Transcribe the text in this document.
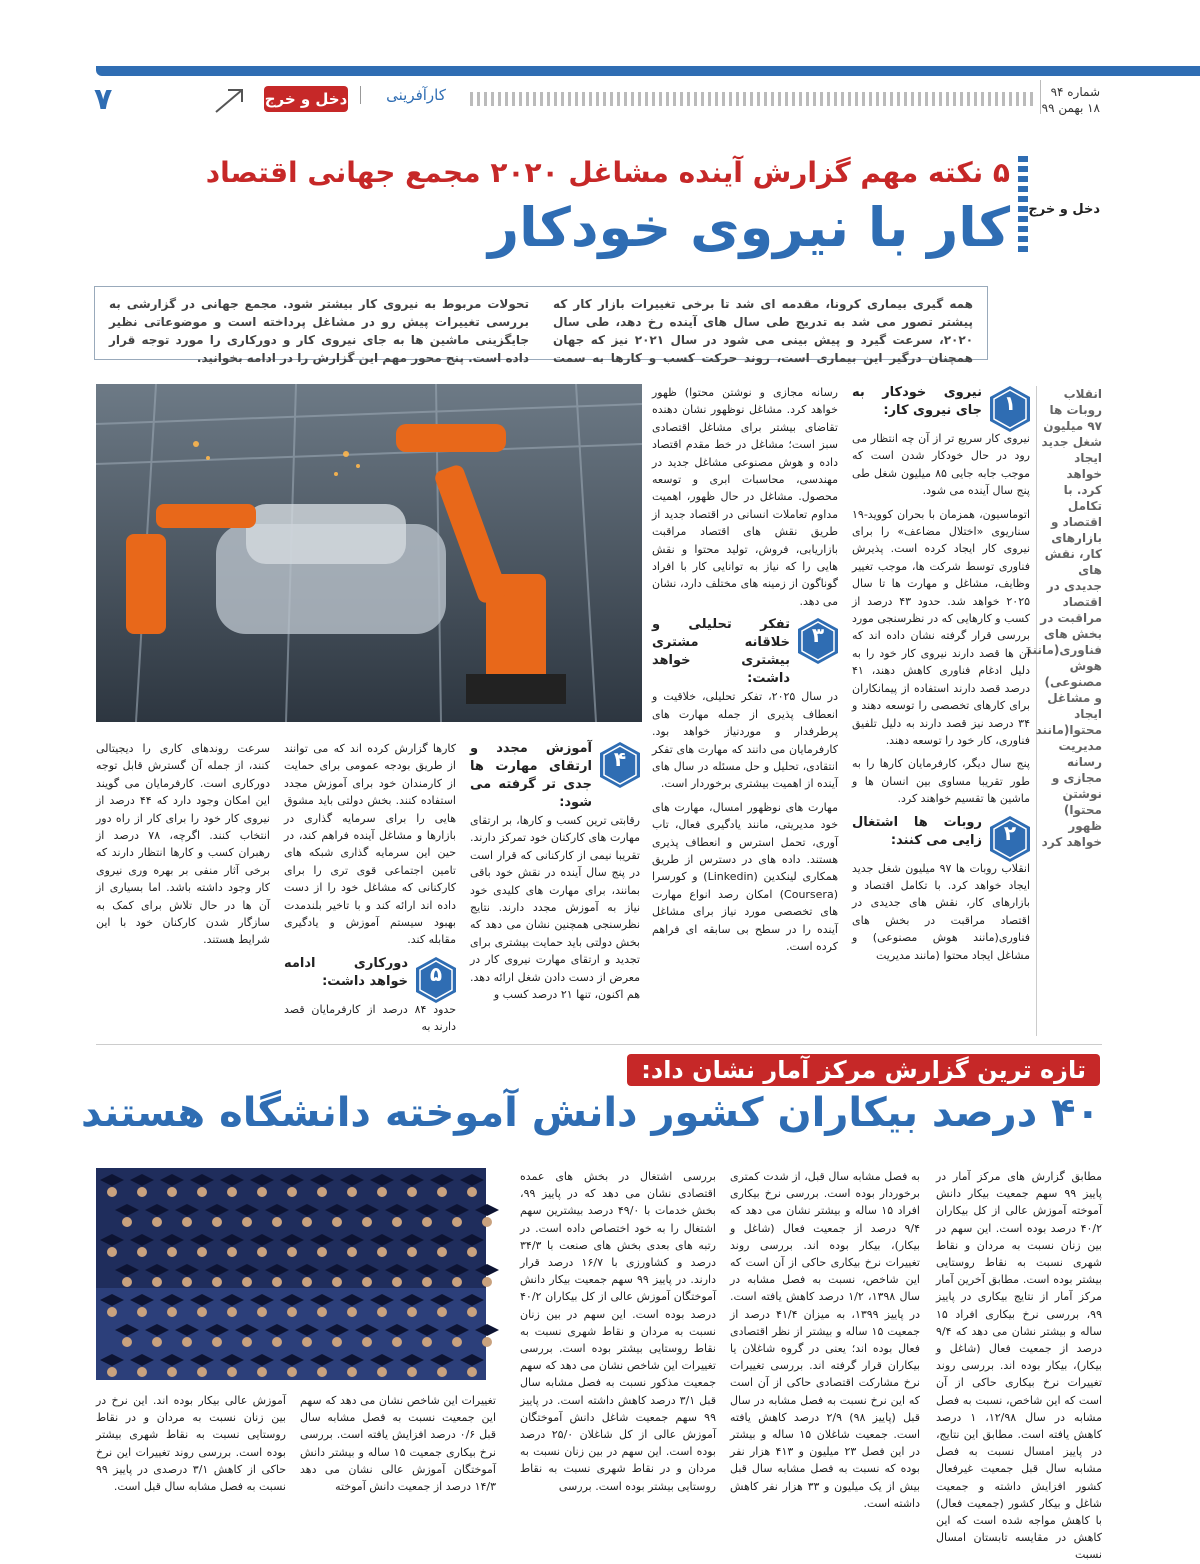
شماره ۹۴
۱۸ بهمن ۹۹
کارآفرینی
دخل و خرج
۷
دخل و خرج
۵ نکته مهم گزارش آینده مشاغل ۲۰۲۰ مجمع جهانی اقتصاد
کار با نیروی خودکار
همه گیری بیماری کرونا، مقدمه ای شد تا برخی تغییرات بازار کار که پیشتر تصور می شد به تدریج طی سال های آینده رخ دهد، طی سال ۲۰۲۰، سرعت گیرد و پیش بینی می شود در سال ۲۰۲۱ نیز که جهان همچنان درگیر این بیماری است، روند حرکت کسب و کارها به سمت تحولات مربوط به نیروی کار بیشتر شود. مجمع جهانی در گزارشی به بررسی تغییرات پیش رو در مشاغل پرداخته است و موضوعاتی نظیر جایگزینی ماشین ها به جای نیروی کار و دورکاری را مورد توجه قرار داده است. پنج محور مهم این گزارش را در ادامه بخوانید.
انقلاب روبات ها ۹۷ میلیون شغل جدید ایجاد خواهد کرد. با تکامل اقتصاد و بازارهای کار، نقش های جدیدی در اقتصاد مراقبت در بخش های فناوری(مانند هوش مصنوعی) و مشاغل ایجاد محتوا(مانند مدیریت رسانه مجازی و نوشتن محتوا) ظهور خواهد کرد
۱
نیروی خودکار به جای نیروی کار:

نیروی کار سریع تر از آن چه انتظار می رود در حال خودکار شدن است که موجب جابه جایی ۸۵ میلیون شغل طی پنج سال آینده می شود.

اتوماسیون، همزمان با بحران کووید-۱۹ سناریوی «اختلال مضاعف» را برای نیروی کار ایجاد کرده است. پذیرش فناوری توسط شرکت ها، موجب تغییر وظایف، مشاغل و مهارت ها تا سال ۲۰۲۵ خواهد شد. حدود ۴۳ درصد از کسب و کارهایی که در نظرسنجی مورد بررسی قرار گرفته نشان داده اند که آن ها قصد دارند نیروی کار خود را به دلیل ادغام فناوری کاهش دهند، ۴۱ درصد قصد دارند استفاده از پیمانکاران برای کارهای تخصصی را توسعه دهند و ۳۴ درصد نیز قصد دارند به دلیل تلفیق فناوری، کار خود را توسعه دهند.

پنج سال دیگر، کارفرمایان کارها را به طور تقریبا مساوی بین انسان ها و ماشین ها تقسیم خواهند کرد.

۲
روبات ها اشتغال زایی می کنند:

انقلاب روبات ها ۹۷ میلیون شغل جدید ایجاد خواهد کرد. با تکامل اقتصاد و بازارهای کار، نقش های جدیدی در اقتصاد مراقبت در بخش های فناوری(مانند هوش مصنوعی) و مشاغل ایجاد محتوا (مانند مدیریت

رسانه مجازی و نوشتن محتوا) ظهور خواهد کرد. مشاغل نوظهور نشان دهنده تقاضای بیشتر برای مشاغل اقتصادی سبز است؛ مشاغل در خط مقدم اقتصاد داده و هوش مصنوعی مشاغل جدید در مهندسی، محاسبات ابری و توسعه محصول. مشاغل در حال ظهور، اهمیت مداوم تعاملات انسانی در اقتصاد جدید از طریق نقش های اقتصاد مراقبت بازاریابی، فروش، تولید محتوا و نقش هایی را که نیاز به توانایی کار با افراد گوناگون از زمینه های مختلف دارد، نشان می دهد.

۳
تفکر تحلیلی و خلاقانه مشتری بیشتری خواهد داشت:

در سال ۲۰۲۵، تفکر تحلیلی، خلاقیت و انعطاف پذیری از جمله مهارت های پرطرفدار و موردنیاز خواهد بود. کارفرمایان می دانند که مهارت های تفکر انتقادی، تحلیل و حل مسئله در سال های آینده از اهمیت بیشتری برخوردار است.

مهارت های نوظهور امسال، مهارت های خود مدیریتی، مانند یادگیری فعال، تاب آوری، تحمل استرس و انعطاف پذیری هستند. داده های در دسترس از طریق همکاری لینکدین (Linkedin) و کورسرا (Coursera) امکان رصد انواع مهارت های تخصصی مورد نیاز برای مشاغل آینده را در سطح بی سابقه ای فراهم کرده است.

۴
آموزش مجدد و ارتقای مهارت ها جدی تر گرفته می شود:

رقابتی ترین کسب و کارها، بر ارتقای مهارت های کارکنان خود تمرکز دارند. تقریبا نیمی از کارکنانی که قرار است در پنج سال آینده در نقش خود باقی بمانند، برای مهارت های کلیدی خود نیاز به آموزش مجدد دارند. نتایج نظرسنجی همچنین نشان می دهد که بخش دولتی باید حمایت بیشتری برای تجدید و ارتقای مهارت نیروی کار در معرض از دست دادن شغل ارائه دهد. هم اکنون، تنها ۲۱ درصد کسب و

کارها گزارش کرده اند که می توانند از طریق بودجه عمومی برای حمایت از کارمندان خود برای آموزش مجدد استفاده کنند. بخش دولتی باید مشوق هایی را برای سرمایه گذاری در بازارها و مشاغل آینده فراهم کند، در حین این سرمایه گذاری شبکه های تامین اجتماعی قوی تری را برای کارکنانی که مشاغل خود را از دست داده اند ارائه کند و با تاخیر بلندمدت بهبود سیستم آموزش و یادگیری مقابله کند.

۵
دورکاری ادامه خواهد داشت:

حدود ۸۴ درصد از کارفرمایان قصد دارند به

سرعت روندهای کاری را دیجیتالی کنند، از جمله آن گسترش قابل توجه دورکاری است. کارفرمایان می گویند این امکان وجود دارد که ۴۴ درصد از نیروی کار خود را برای کار از راه دور انتخاب کنند. اگرچه، ۷۸ درصد از رهبران کسب و کارها انتظار دارند که برخی آثار منفی بر بهره وری نیروی کار وجود داشته باشد. اما بسیاری از آن ها در حال تلاش برای کمک به سازگار شدن کارکنان خود با این شرایط هستند.

تازه ترین گزارش مرکز آمار نشان داد:
۴۰ درصد بیکاران کشور دانش آموخته دانشگاه هستند
مطابق گزارش های مرکز آمار در پاییز ۹۹ سهم جمعیت بیکار دانش آموخته آموزش عالی از کل بیکاران ۴۰/۲ درصد بوده است. این سهم در بین زنان نسبت به مردان و نقاط شهری نسبت به نقاط روستایی بیشتر بوده است. مطابق آخرین آمار مرکز آمار از نتایج بیکاری در پاییز ۹۹، بررسی نرخ بیکاری افراد ۱۵ ساله و بیشتر نشان می دهد که ۹/۴ درصد از جمعیت فعال (شاغل و بیکار)، بیکار بوده اند. بررسی روند تغییرات نرخ بیکاری حاکی از آن است که این شاخص، نسبت به فصل مشابه در سال ۱۲/۹۸، ۱ درصد کاهش یافته است. مطابق این نتایج، در پاییز امسال نسبت به فصل مشابه سال قبل جمعیت غیرفعال کشور افزایش داشته و جمعیت شاغل و بیکار کشور (جمعیت فعال) با کاهش مواجه شده است که این کاهش در مقایسه تابستان امسال نسبت
به فصل مشابه سال قبل، از شدت کمتری برخوردار بوده است. بررسی نرخ بیکاری افراد ۱۵ ساله و بیشتر نشان می دهد که ۹/۴ درصد از جمعیت فعال (شاغل و بیکار)، بیکار بوده اند. بررسی روند تغییرات نرخ بیکاری حاکی از آن است که این شاخص، نسبت به فصل مشابه در سال ۱۳۹۸، ۱/۲ درصد کاهش یافته است. در پاییز ۱۳۹۹، به میزان ۴۱/۴ درصد از جمعیت ۱۵ ساله و بیشتر از نظر اقتصادی فعال بوده اند؛ یعنی در گروه شاغلان یا بیکاران قرار گرفته اند. بررسی تغییرات نرخ مشارکت اقتصادی حاکی از آن است که این نرخ نسبت به فصل مشابه در سال قبل (پاییز ۹۸) ۲/۹ درصد کاهش یافته است. جمعیت شاغلان ۱۵ ساله و بیشتر در این فصل ۲۳ میلیون و ۴۱۳ هزار نفر بوده که نسبت به فصل مشابه سال قبل بیش از یک میلیون و ۳۳ هزار نفر کاهش داشته است.
بررسی اشتغال در بخش های عمده اقتصادی نشان می دهد که در پاییز ۹۹، بخش خدمات با ۴۹/۰ درصد بیشترین سهم اشتغال را به خود اختصاص داده است. در رتبه های بعدی بخش های صنعت با ۳۴/۳ درصد و کشاورزی با ۱۶/۷ درصد قرار دارند. در پاییز ۹۹ سهم جمعیت بیکار دانش آموختگان آموزش عالی از کل بیکاران ۴۰/۲ درصد بوده است. این سهم در بین زنان نسبت به مردان و نقاط شهری نسبت به نقاط روستایی بیشتر بوده است. بررسی تغییرات این شاخص نشان می دهد که سهم جمعیت مذکور نسبت به فصل مشابه سال قبل ۳/۱ درصد کاهش داشته است. در پاییز ۹۹ سهم جمعیت شاغل دانش آموختگان آموزش عالی از کل شاغلان ۲۵/۰ درصد بوده است. این سهم در بین زنان نسبت به مردان و در نقاط شهری نسبت به نقاط روستایی بیشتر بوده است. بررسی
تغییرات این شاخص نشان می دهد که سهم این جمعیت نسبت به فصل مشابه سال قبل ۰/۶ درصد افزایش یافته است. بررسی نرخ بیکاری جمعیت ۱۵ ساله و بیشتر دانش آموختگان آموزش عالی نشان می دهد ۱۴/۳ درصد از جمعیت دانش آموخته
آموزش عالی بیکار بوده اند. این نرخ در بین زنان نسبت به مردان و در نقاط روستایی نسبت به نقاط شهری بیشتر بوده است. بررسی روند تغییرات این نرخ حاکی از کاهش ۳/۱ درصدی در پاییز ۹۹ نسبت به فصل مشابه سال قبل است.
